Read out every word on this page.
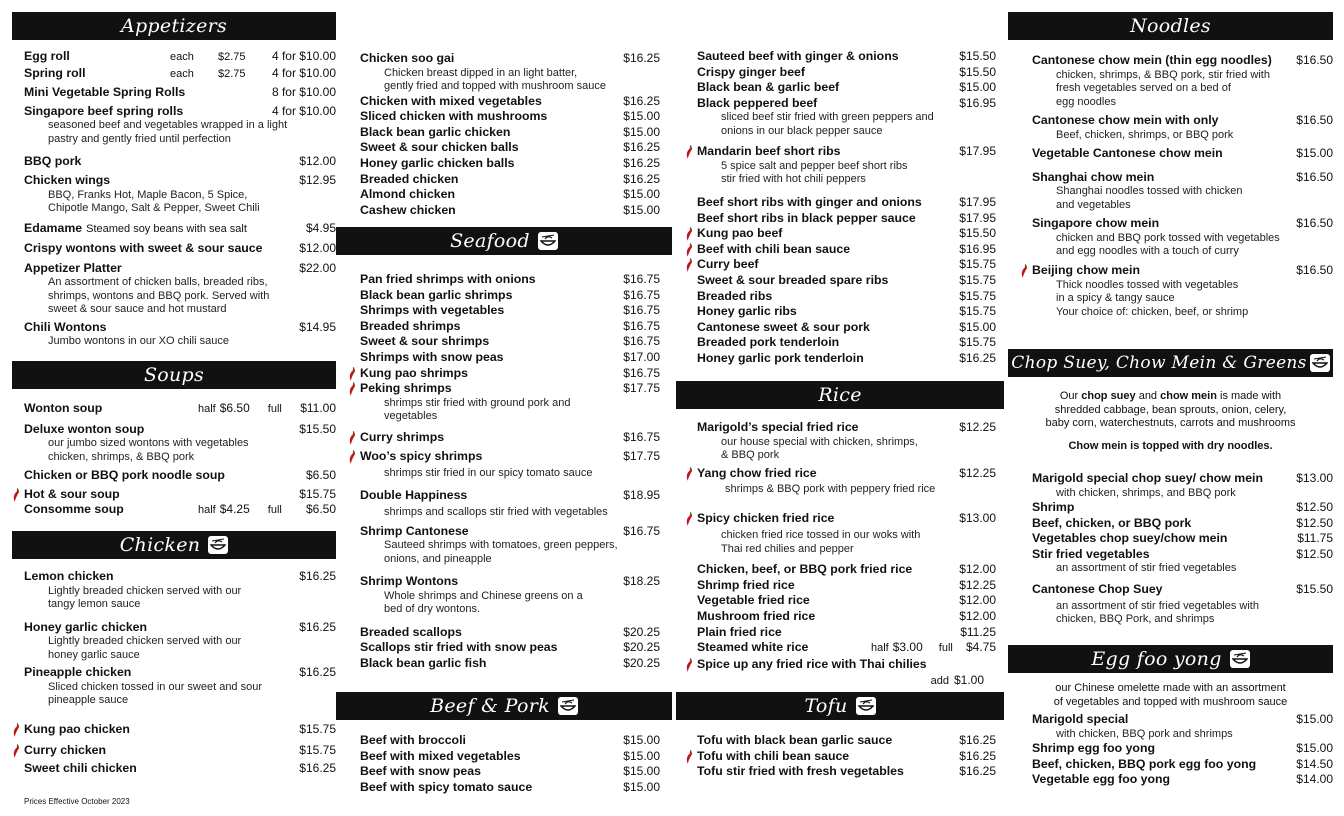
Appetizers
Egg roll	each	$2.75	4 for $10.00
Spring roll	each	$2.75	4 for $10.00
Mini Vegetable Spring Rolls	8 for $10.00
Singapore beef spring rolls	4 for $10.00
seasoned beef and vegetables wrapped in a light
pastry and gently fried until perfection
BBQ pork	$12.00
Chicken wings	$12.95
BBQ, Franks Hot, Maple Bacon, 5 Spice,
Chipotle Mango, Salt & Pepper, Sweet Chili
Edamame Steamed soy beans with sea salt	$4.95
Crispy wontons with sweet & sour sauce	$12.00
Appetizer Platter	$22.00
An assortment of chicken balls, breaded ribs,
shrimps, wontons and BBQ pork. Served with
sweet & sour sauce and hot mustard
Chili Wontons	$14.95
Jumbo wontons in our XO chili sauce
Soups
Wonton soup	half $6.50 full $11.00
Deluxe wonton soup	$15.50
our jumbo sized wontons with vegetables
chicken, shrimps, & BBQ pork
Chicken or BBQ pork noodle soup	$6.50
Hot & sour soup	$15.75
Consomme soup	half $4.25 full $6.50
Chicken
Lemon chicken	$16.25
Lightly breaded chicken served with our
tangy lemon sauce
Honey garlic chicken	$16.25
Lightly breaded chicken served with our
honey garlic sauce
Pineapple chicken	$16.25
Sliced chicken tossed in our sweet and sour
pineapple sauce
Kung pao chicken	$15.75
Curry chicken	$15.75
Sweet chili chicken	$16.25
Prices Effective October 2023
Chicken soo gai	$16.25
Chicken breast dipped in an light batter,
gently fried and topped with mushroom sauce
Chicken with mixed vegetables	$16.25
Sliced chicken with mushrooms	$15.00
Black bean garlic chicken	$15.00
Sweet & sour chicken balls	$16.25
Honey garlic chicken balls	$16.25
Breaded chicken	$16.25
Almond chicken	$15.00
Cashew chicken	$15.00
Seafood
Pan fried shrimps with onions	$16.75
Black bean garlic shrimps	$16.75
Shrimps with vegetables	$16.75
Breaded shrimps	$16.75
Sweet & sour shrimps	$16.75
Shrimps with snow peas	$17.00
Kung pao shrimps	$16.75
Peking shrimps	$17.75
shrimps stir fried with ground pork and
vegetables
Curry shrimps	$16.75
Woo’s spicy shrimps	$17.75
shrimps stir fried in our spicy tomato sauce
Double Happiness	$18.95
shrimps and scallops stir fried with vegetables
Shrimp Cantonese	$16.75
Sauteed shrimps with tomatoes, green peppers,
onions, and pineapple
Shrimp Wontons	$18.25
Whole shrimps and Chinese greens on a
bed of dry wontons.
Breaded scallops	$20.25
Scallops stir fried with snow peas	$20.25
Black bean garlic fish	$20.25
Beef & Pork
Beef with broccoli	$15.00
Beef with mixed vegetables	$15.00
Beef with snow peas	$15.00
Beef with spicy tomato sauce	$15.00
Sauteed beef with ginger & onions	$15.50
Crispy ginger beef	$15.50
Black bean & garlic beef	$15.00
Black peppered beef	$16.95
sliced beef stir fried with green peppers and
onions in our black pepper sauce
Mandarin beef short ribs	$17.95
5 spice salt and pepper beef short ribs
stir fried with hot chili peppers
Beef short ribs with ginger and onions	$17.95
Beef short ribs in black pepper sauce	$17.95
Kung pao beef	$15.50
Beef with chili bean sauce	$16.95
Curry beef	$15.75
Sweet & sour breaded spare ribs	$15.75
Breaded ribs	$15.75
Honey garlic ribs	$15.75
Cantonese sweet & sour pork	$15.00
Breaded pork tenderloin	$15.75
Honey garlic pork tenderloin	$16.25
Rice
Marigold’s special fried rice	$12.25
our house special with chicken, shrimps,
& BBQ pork
Yang chow fried rice	$12.25
shrimps & BBQ pork with peppery fried rice
Spicy chicken fried rice	$13.00
chicken fried rice tossed in our woks with
Thai red chilies and pepper
Chicken, beef, or BBQ pork fried rice	$12.00
Shrimp fried rice	$12.25
Vegetable fried rice	$12.00
Mushroom fried rice	$12.00
Plain fried rice	$11.25
Steamed white rice	half $3.00 full $4.75
Spice up any fried rice with Thai chilies
add $1.00
Tofu
Tofu with black bean garlic sauce	$16.25
Tofu with chili bean sauce	$16.25
Tofu stir fried with fresh vegetables	$16.25
Noodles
Cantonese chow mein (thin egg noodles) $16.50
chicken, shrimps, & BBQ pork, stir fried with
fresh vegetables served on a bed of
egg noodles
Cantonese chow mein with only	$16.50
Beef, chicken, shrimps, or BBQ pork
Vegetable Cantonese chow mein	$15.00
Shanghai chow mein	$16.50
Shanghai noodles tossed with chicken
and vegetables
Singapore chow mein	$16.50
chicken and BBQ pork tossed with vegetables
and egg noodles with a touch of curry
Beijing chow mein	$16.50
Thick noodles tossed with vegetables
in a spicy & tangy sauce
Your choice of: chicken, beef, or shrimp
Chop Suey, Chow Mein & Greens
Our chop suey and chow mein is made with
shredded cabbage, bean sprouts, onion, celery,
baby corn, waterchestnuts, carrots and mushrooms
Chow mein is topped with dry noodles.
Marigold special chop suey/ chow mein	$13.00
with chicken, shrimps, and BBQ pork
Shrimp	$12.50
Beef, chicken, or BBQ pork	$12.50
Vegetables chop suey/chow mein	$11.75
Stir fried vegetables	$12.50
an assortment of stir fried vegetables
Cantonese Chop Suey	$15.50
an assortment of stir fried vegetables with
chicken, BBQ Pork, and shrimps
Egg foo yong
our Chinese omelette made with an assortment
of vegetables and topped with mushroom sauce
Marigold special	$15.00
with chicken, BBQ pork and shrimps
Shrimp egg foo yong	$15.00
Beef, chicken, BBQ pork egg foo yong	$14.50
Vegetable egg foo yong	$14.00
